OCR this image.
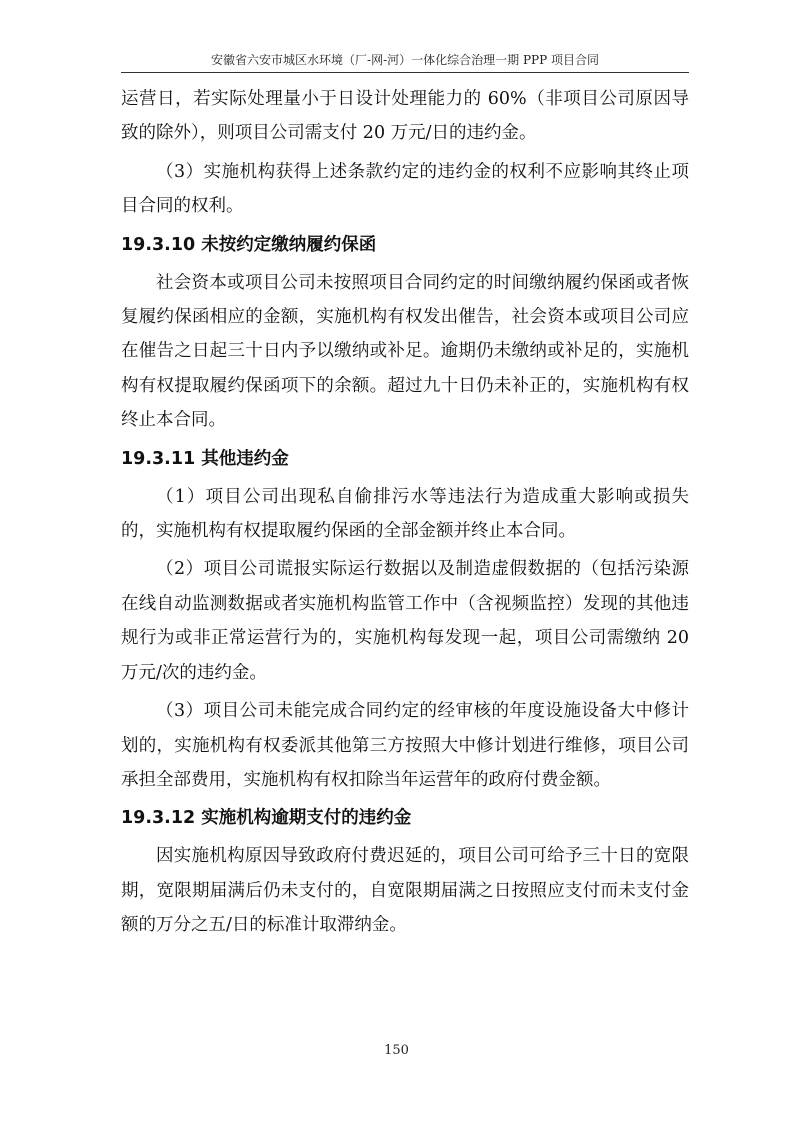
安徽省六安市城区水环境（厂-网-河）一体化综合治理一期 PPP 项目合同

运营日，若实际处理量小于日设计处理能力的 60%（非项目公司原因导致的除外），则项目公司需支付 20 万元/日的违约金。

（3）实施机构获得上述条款约定的违约金的权利不应影响其终止项目合同的权利。

19.3.10 未按约定缴纳履约保函

社会资本或项目公司未按照项目合同约定的时间缴纳履约保函或者恢复履约保函相应的金额，实施机构有权发出催告，社会资本或项目公司应在催告之日起三十日内予以缴纳或补足。逾期仍未缴纳或补足的，实施机构有权提取履约保函项下的余额。超过九十日仍未补正的，实施机构有权终止本合同。

19.3.11 其他违约金

（1）项目公司出现私自偷排污水等违法行为造成重大影响或损失的，实施机构有权提取履约保函的全部金额并终止本合同。

（2）项目公司谎报实际运行数据以及制造虚假数据的（包括污染源在线自动监测数据或者实施机构监管工作中（含视频监控）发现的其他违规行为或非正常运营行为的，实施机构每发现一起，项目公司需缴纳 20 万元/次的违约金。

（3）项目公司未能完成合同约定的经审核的年度设施设备大中修计划的，实施机构有权委派其他第三方按照大中修计划进行维修，项目公司承担全部费用，实施机构有权扣除当年运营年的政府付费金额。

19.3.12 实施机构逾期支付的违约金

因实施机构原因导致政府付费迟延的，项目公司可给予三十日的宽限期，宽限期届满后仍未支付的，自宽限期届满之日按照应支付而未支付金额的万分之五/日的标准计取滞纳金。

150
